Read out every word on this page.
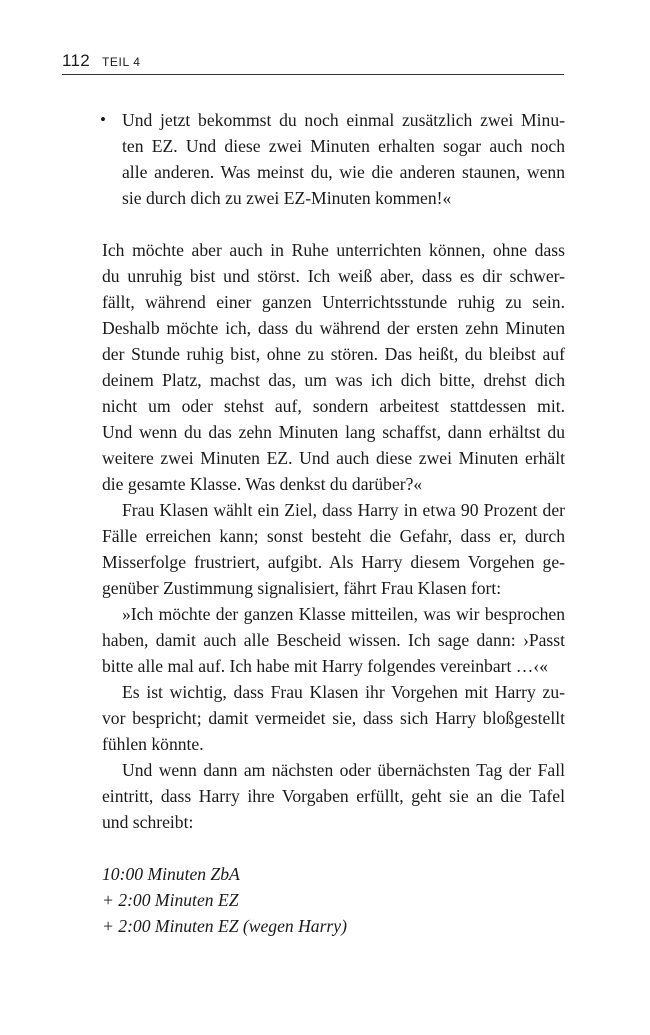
112 TEIL 4
• Und jetzt bekommst du noch einmal zusätzlich zwei Minu-
ten EZ. Und diese zwei Minuten erhalten sogar auch noch
alle anderen. Was meinst du, wie die anderen staunen, wenn
sie durch dich zu zwei EZ-Minuten kommen!«
Ich möchte aber auch in Ruhe unterrichten können, ohne dass
du unruhig bist und störst. Ich weiß aber, dass es dir schwer-
fällt, während einer ganzen Unterrichtsstunde ruhig zu sein.
Deshalb möchte ich, dass du während der ersten zehn Minuten
der Stunde ruhig bist, ohne zu stören. Das heißt, du bleibst auf
deinem Platz, machst das, um was ich dich bitte, drehst dich
nicht um oder stehst auf, sondern arbeitest stattdessen mit.
Und wenn du das zehn Minuten lang schaffst, dann erhältst du
weitere zwei Minuten EZ. Und auch diese zwei Minuten erhält
die gesamte Klasse. Was denkst du darüber?«
Frau Klasen wählt ein Ziel, dass Harry in etwa 90 Prozent der
Fälle erreichen kann; sonst besteht die Gefahr, dass er, durch
Misserfolge frustriert, aufgibt. Als Harry diesem Vorgehen ge-
genüber Zustimmung signalisiert, fährt Frau Klasen fort:
»Ich möchte der ganzen Klasse mitteilen, was wir besprochen
haben, damit auch alle Bescheid wissen. Ich sage dann: ›Passt
bitte alle mal auf. Ich habe mit Harry folgendes vereinbart …‹«
Es ist wichtig, dass Frau Klasen ihr Vorgehen mit Harry zu-
vor bespricht; damit vermeidet sie, dass sich Harry bloßgestellt
fühlen könnte.
Und wenn dann am nächsten oder übernächsten Tag der Fall
eintritt, dass Harry ihre Vorgaben erfüllt, geht sie an die Tafel
und schreibt:
10:00 Minuten ZbA
+ 2:00 Minuten EZ
+ 2:00 Minuten EZ (wegen Harry)
